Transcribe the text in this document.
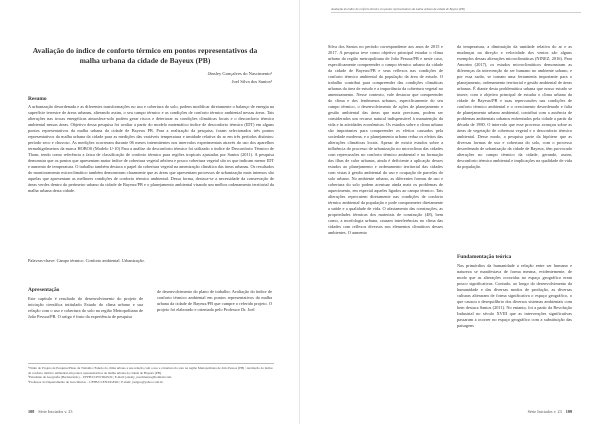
Avaliação do índice de conforto térmico em pontos representativos da malha urbana da cidade de Bayeux (PB)
Jânsley Gonçalves do Nascimento¹
Joel Silva dos Santos²
Resumo

A urbanização desordenada e as diferentes transformações no uso e cobertura do solo, podem modificar diretamente o balanço de energia na superfície terrestre de áreas urbanas, alterando assim, o seu campo térmico e as condições de conforto térmico ambiental nessas áreas. Tais alterações nas trocas energéticas atmosfera-solo podem gerar riscos e deteriorar as condições climáticas locais e o desconforto térmico ambiental nessas áreas. Objetivo dessa pesquisa foi avaliar a partir do modelo matemático índice de desconforto térmico (IDT) em alguns pontos representativos da malha urbana da cidade de Bayeux PB. Para a realização da pesquisa, foram selecionados três pontos representativos da malha urbana da cidade para as medições das variáveis temperatura e umidade relativa do ar em três períodos distintos: período seco e chuvoso. As medições ocorreram durante 06 meses intermitentes nos intervalos experimentais através do uso dos aparelhos termohigrômetros da marca HOBOS (Modelo U-10) Para a análise do desconforto térmico foi utilizado o índice de Desconforto Térmico de Thom, tendo como referência a faixa de classificação de conforto térmico para regiões tropicais ajustadas por Santos (2011). A pesquisa demonstra que os pontos que apresentam maior índice de cobertura vegetal arbórea e pouco cobertura vegetal são os que indicam menor IDT e aumento de temperatura. O trabalho também destaca o papel da cobertura vegetal na amenização climática das áreas urbanas. Os resultados do monitoramento microclimático também demonstram claramente que as áreas que apresentam processos de urbanização mais intensos são aquelas que apresentam as melhores condições de conforto térmico ambiental. Dessa forma, destaca-se a necessidade da conservação de áreas verdes dentro do perímetro urbano da cidade de Bayeux/PB e o planejamento ambiental visando um melhor ordenamento territorial da malha urbana desta cidade.

Palavras-chave: Campo térmico. Conforto ambiental. Urbanização.
Apresentação

Este capítulo é resultado do desenvolvimento do projeto de iniciação científica intitulado Estudo do clima urbano e sua relação com o uso e cobertura do solo na região Metropolitana de João Pessoa/PB. O artigo é fruto da experiência de pesquisa

de desenvolvimento do plano de trabalho: Avaliação do índice de conforto térmico ambiental em pontos representativos da malha urbana da cidade de Bayeux/PB que cumpre o referido projeto. O projeto foi elaborado e orientado pelo Professor Dr. Joel

¹Título do Projeto de Pesquisa/Plano de Trabalho: Estudo do clima urbano e sua relação com o uso e cobertura do solo na região Metropolitana de João Pessoa (PB) / Avaliação do índice de conforto térmico ambiental em pontos representativos da malha urbana da cidade de Bayeux (PB).
²Estudante de Geografia (Bacharelado) – UFPB/CCEN/DGEOC; E-mail: jansley_nascimento@hotmail.com.
³Professor do Departamento de Geociências – UFPB/CCEN/DGEOC; E-mail: joelgeo@yahoo.com.br.
108 Série Iniciados v. 23
Avaliação do índice de conforto térmico em pontos representativos da malha urbana da cidade de Bayeux (PB)

Silva dos Santos no período correspondente aos anos de 2015 e 2017. A pesquisa teve como objetivo principal estudar o clima urbano da região metropolitana de João Pessoa/PB e neste caso, especificamente compreender o campo térmico urbano da cidade da cidade de Bayeux/PB e seus reflexos nas condições de conforto térmico ambiental da população da área de estudo. O trabalho contribui para compreender das condições climáticas urbanas da área de estudo e a importância da cobertura vegetal no amenizamento. Nesse contexto, vale destacar que compreender do clima e dos fenômenos urbanos, especificamente do seu campo térmico, o desenvolvimento de ações de planejamento e gestão ambiental das áreas que mais precisam, podem ser considerados um recurso natural indispensável à manutenção da vida e às atividades econômicas. Os estudos sobre o clima urbano são importantes para compreender os efeitos causados pela sociedade moderna, e o planejamento urbano reduz os efeitos das alterações climáticas locais. Apesar de existir estudos sobre a influência do processo de urbanização no microclima das cidades com repercussões no conforto térmico ambiental e na formação das ilhas de calor urbanas, ainda é deficiente a aplicação desses estudos ao planejamento e ordenamento territorial das cidades com vistas à gestão ambiental do uso e ocupação de parcelas do solo urbano. No ambiente urbano, as diferentes formas de uso e cobertura do solo podem acentuar ainda mais os problemas de aquecimento, em especial aqueles ligados ao campo térmico. Tais alterações repercutem diretamente nas condições de conforto térmico ambiental da população e pode comprometer diretamente a saúde e a qualidade de vida. O afastamento das construções, as propriedades térmicas dos materiais de construção (48), bem como, a morfologia urbana, causam interferências no clima das cidades com reflexos diversos nos elementos climáticos desses ambientes. O aumento

da temperatura, a diminuição da umidade relativa do ar e as mudanças na direção e velocidade dos ventos são alguns exemplos dessas alterações microclimáticas (NINEZ, 2016). Para Amorim (2017), os estudos microclimáticos demonstram as diferenças da intervenção do ser humano no ambiente urbano, e por essa razão, se tornam uma ferramenta importante para o planejamento, ordenamento territorial e gestão ambiental de áreas urbanas. É diante desta problemática urbana que nosso estudo se insere, com o objetivo principal de estudar o clima urbano da cidade de Bayeux/PB e suas repercussões nas condições de conforto térmico ambiental e o crescimento desordenado e falta de planejamento urbano ambiental, contribui com a ausência de problemas ambientais urbanos enfrentados pela cidade a partir da década de 1980. O intervalo que esse processo avançou sobre as áreas de vegetação de cobertura vegetal e o desconforto térmico ambiental. Desse modo, a pesquisa parte da hipótese que as diversas formas de uso e cobertura do solo, com o processo desordenado de urbanização da cidade de Bayeux, têm provocado alterações no campo térmico da cidade, gerando, assim, desconforto térmico ambiental e implicações na qualidade de vida da população.

Fundamentação teórica

Nas primórdios da humanidade a relação entre ser humano e natureza se manifestava de forma mesma, evidentemente, de modo que as alterações ocorridas no espaço geográfico eram pouco significativas. Contudo, ao longo do desenvolvimento da humanidade e das diversas modos de produção, as diversas culturas alteraram de forma significativa o espaço geográfico, o que causou o desequilíbrio dos diversos sistemas ambientais com bem destaca Santos (2011). No entanto, foi a partir da Revolução Industrial no século XVIII que as intervenções significativas passaram a ocorrer no espaço geográfico com a substituição das paisagens

Série Iniciados v. 23 109
